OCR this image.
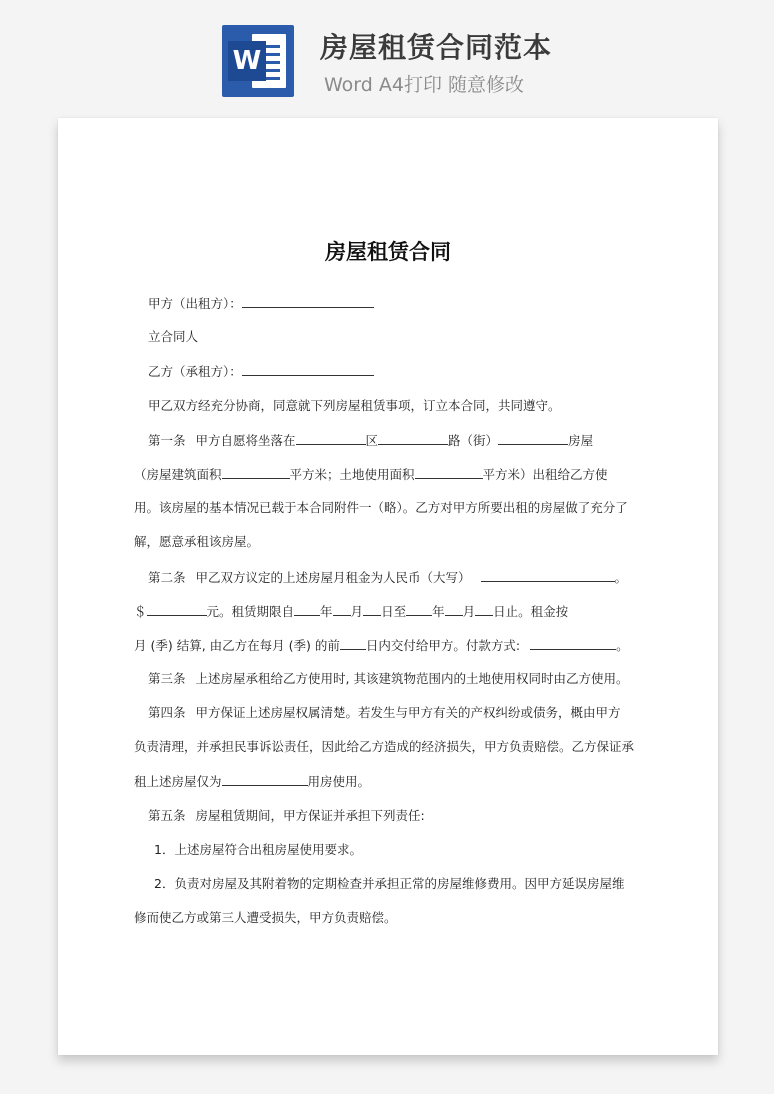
W 房屋租赁合同范本
Word A4打印 随意修改
房屋租赁合同
甲方（出租方）：
立合同人
乙方（承租方）：
甲乙双方经充分协商，同意就下列房屋租赁事项，订立本合同，共同遵守。
第一条 甲方自愿将坐落在	区	路（街）	房屋
（房屋建筑面积	平方米；土地使用面积	平方米）出租给乙方使
用。该房屋的基本情况已载于本合同附件一（略）。乙方对甲方所要出租的房屋做了充分了
解，愿意承租该房屋。
第二条 甲乙双方议定的上述房屋月租金为人民币（大写）	。
＄	元。租赁期限自 年 月 日至 年 月 日止。租金按
月 (季) 结算, 由乙方在每月 (季) 的前 日内交付给甲方。付款方式:	。
第三条 上述房屋承租给乙方使用时, 其该建筑物范围内的土地使用权同时由乙方使用。
第四条 甲方保证上述房屋权属清楚。若发生与甲方有关的产权纠纷或债务，概由甲方
负责清理，并承担民事诉讼责任，因此给乙方造成的经济损失，甲方负责赔偿。乙方保证承
租上述房屋仅为	用房使用。
第五条 房屋租赁期间，甲方保证并承担下列责任:
1．上述房屋符合出租房屋使用要求。
2．负责对房屋及其附着物的定期检查并承担正常的房屋维修费用。因甲方延误房屋维
修而使乙方或第三人遭受损失，甲方负责赔偿。
